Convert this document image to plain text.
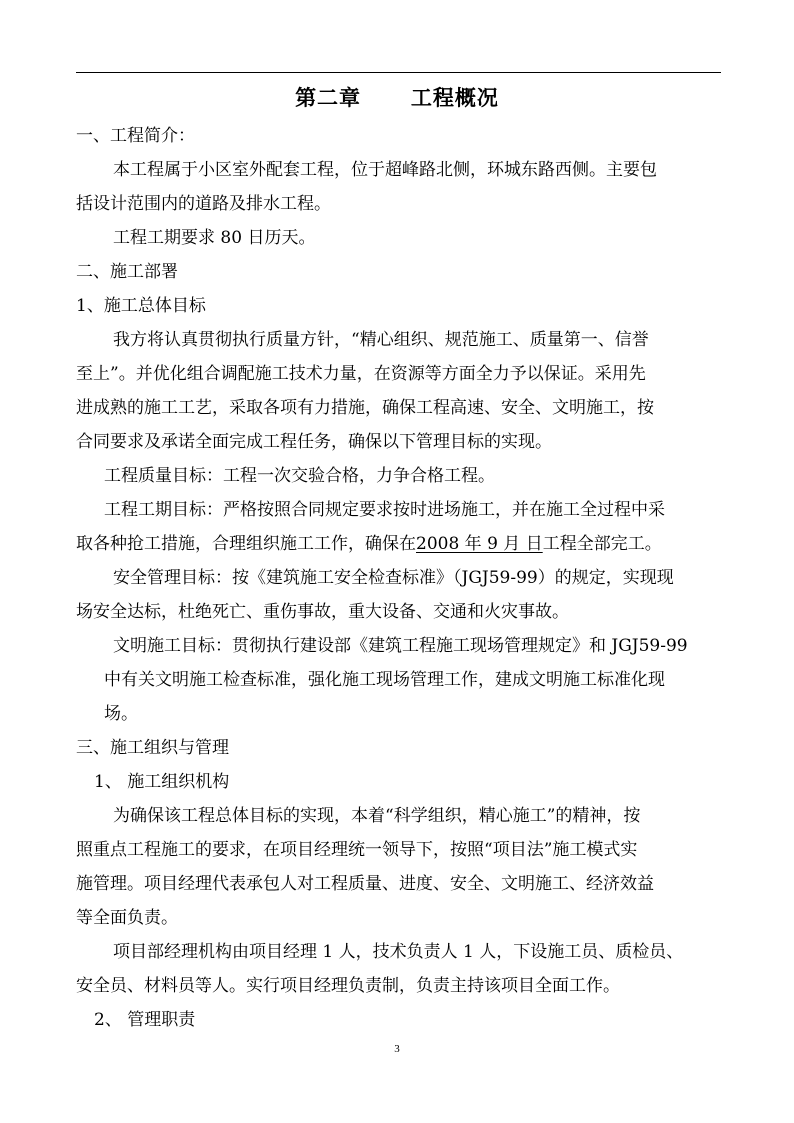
第二章      工程概况
一、工程简介：
本工程属于小区室外配套工程，位于超峰路北侧，环城东路西侧。主要包
括设计范围内的道路及排水工程。
工程工期要求 80 日历天。
二、施工部署
1、施工总体目标
我方将认真贯彻执行质量方针，“精心组织、规范施工、质量第一、信誉
至上”。并优化组合调配施工技术力量，在资源等方面全力予以保证。采用先
进成熟的施工工艺，采取各项有力措施，确保工程高速、安全、文明施工，按
合同要求及承诺全面完成工程任务，确保以下管理目标的实现。
工程质量目标：工程一次交验合格，力争合格工程。
工程工期目标：严格按照合同规定要求按时进场施工，并在施工全过程中采
取各种抢工措施，合理组织施工工作，确保在2008 年 9 月 日工程全部完工。
安全管理目标：按《建筑施工安全检查标准》（JGJ59-99）的规定，实现现
场安全达标，杜绝死亡、重伤事故，重大设备、交通和火灾事故。
文明施工目标：贯彻执行建设部《建筑工程施工现场管理规定》和 JGJ59-99
中有关文明施工检查标准，强化施工现场管理工作，建成文明施工标准化现
场。
三、施工组织与管理
1、 施工组织机构
为确保该工程总体目标的实现，本着“科学组织，精心施工”的精神，按
照重点工程施工的要求，在项目经理统一领导下，按照“项目法”施工模式实
施管理。项目经理代表承包人对工程质量、进度、安全、文明施工、经济效益
等全面负责。
项目部经理机构由项目经理 1 人，技术负责人 1 人，下设施工员、质检员、
安全员、材料员等人。实行项目经理负责制，负责主持该项目全面工作。
2、 管理职责
3
